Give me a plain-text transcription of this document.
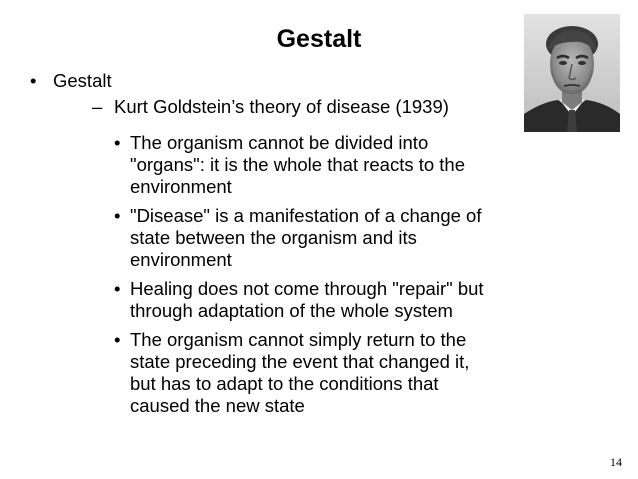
Gestalt
• Gestalt
– Kurt Goldstein’s theory of disease (1939)
• The organism cannot be divided into
"organs": it is the whole that reacts to the
environment
• "Disease" is a manifestation of a change of
state between the organism and its
environment
• Healing does not come through "repair" but
through adaptation of the whole system
• The organism cannot simply return to the
state preceding the event that changed it,
but has to adapt to the conditions that
caused the new state
14
